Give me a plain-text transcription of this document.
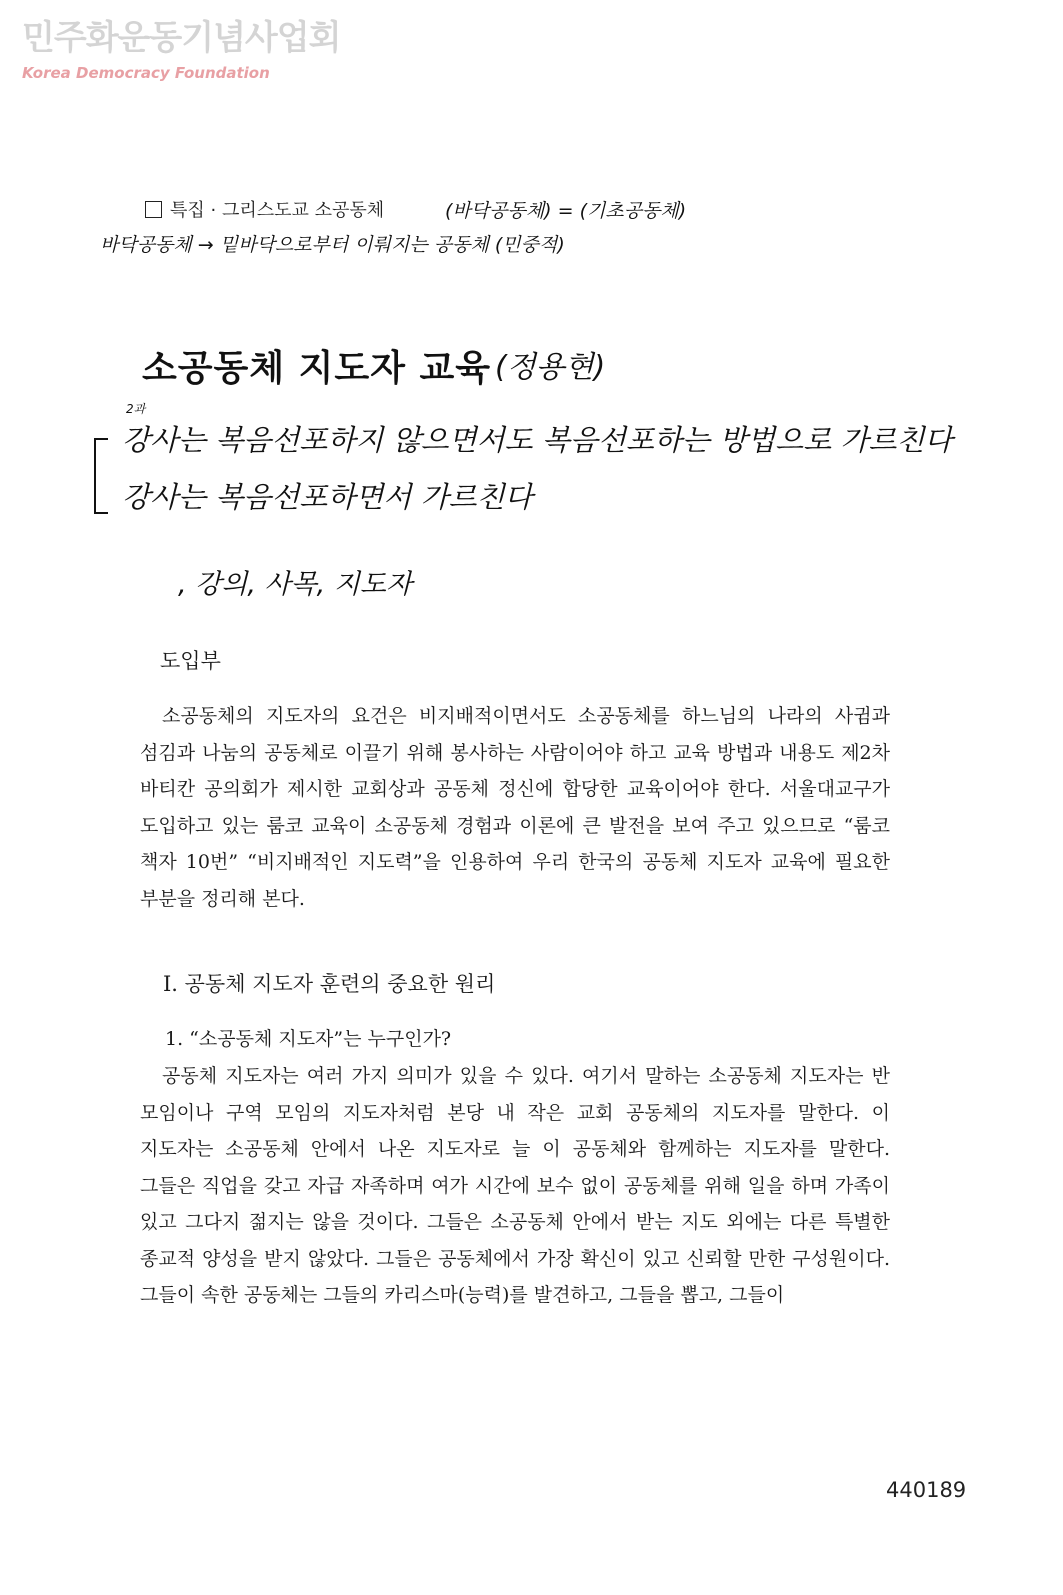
민주화운동기념사업회
Korea Democracy Foundation
특집 · 그리스도교 소공동체	(바닥공동체) = (기초공동체)
바닥공동체 → 밑바닥으로부터 이뤄지는 공동체 (민중적)
소공동체 지도자 교육 (정용현)
2과
강사는 복음선포하지 않으면서도 복음선포하는 방법으로 가르친다
강사는 복음선포하면서 가르친다
, 강의, 사목, 지도자
도입부
소공동체의 지도자의 요건은 비지배적이면서도 소공동체를 하느님의 나라의 사귐과 섬김과 나눔의 공동체로 이끌기 위해 봉사하는 사람이어야 하고 교육 방법과 내용도 제2차 바티칸 공의회가 제시한 교회상과 공동체 정신에 합당한 교육이어야 한다. 서울대교구가 도입하고 있는 룸코 교육이 소공동체 경험과 이론에 큰 발전을 보여 주고 있으므로 “룸코 책자 10번” “비지배적인 지도력”을 인용하여 우리 한국의 공동체 지도자 교육에 필요한 부분을 정리해 본다.
Ⅰ. 공동체 지도자 훈련의 중요한 원리
1. “소공동체 지도자”는 누구인가?
공동체 지도자는 여러 가지 의미가 있을 수 있다. 여기서 말하는 소공동체 지도자는 반 모임이나 구역 모임의 지도자처럼 본당 내 작은 교회 공동체의 지도자를 말한다. 이 지도자는 소공동체 안에서 나온 지도자로 늘 이 공동체와 함께하는 지도자를 말한다. 그들은 직업을 갖고 자급 자족하며 여가 시간에 보수 없이 공동체를 위해 일을 하며 가족이 있고 그다지 젊지는 않을 것이다. 그들은 소공동체 안에서 받는 지도 외에는 다른 특별한 종교적 양성을 받지 않았다. 그들은 공동체에서 가장 확신이 있고 신뢰할 만한 구성원이다. 그들이 속한 공동체는 그들의 카리스마(능력)를 발견하고, 그들을 뽑고, 그들이
440189
